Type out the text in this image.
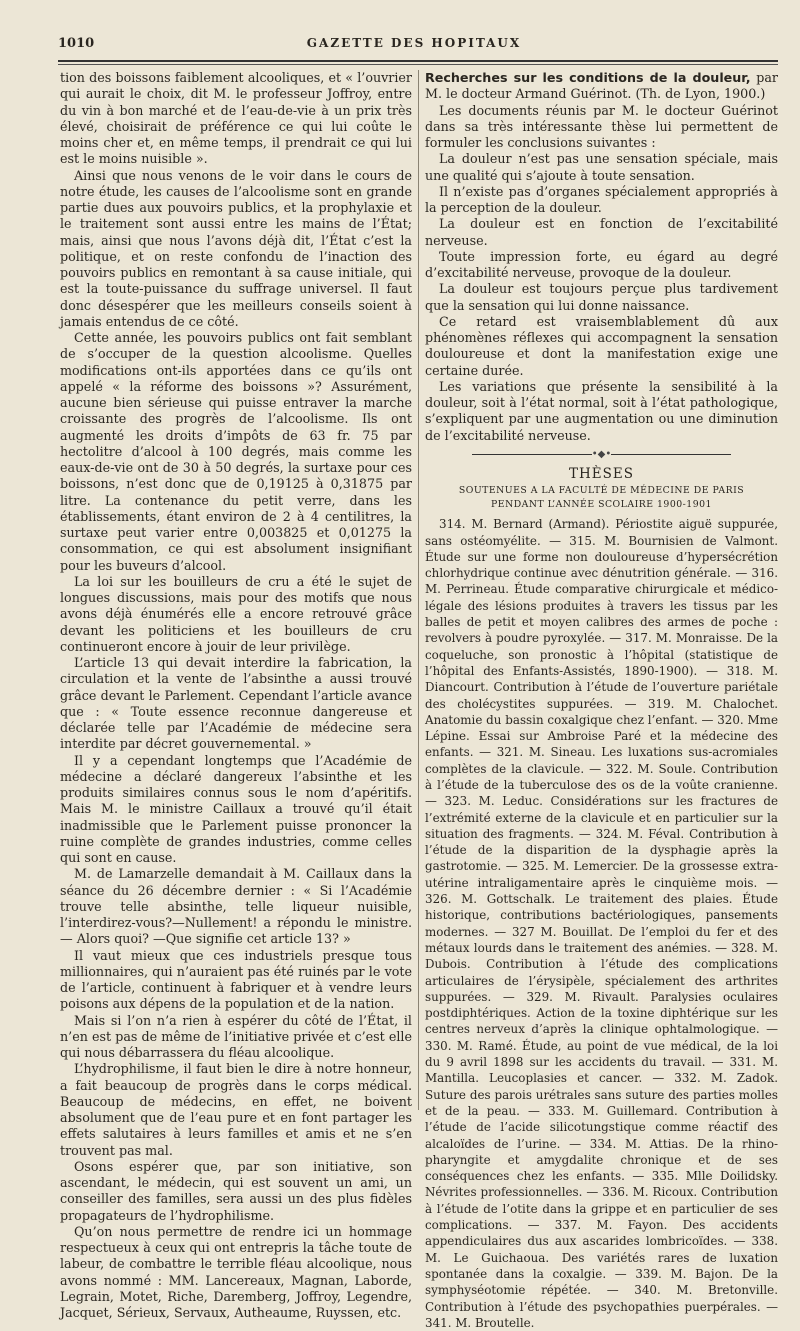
1010	GAZETTE DES HOPITAUX

tion des boissons faiblement alcooliques, et « l’ouvrier qui aurait le choix, dit M. le professeur Joffroy, entre du vin à bon marché et de l’eau-de-vie à un prix très élevé, choisirait de préférence ce qui lui coûte le moins cher et, en même temps, il prendrait ce qui lui est le moins nuisible ».

Ainsi que nous venons de le voir dans le cours de notre étude, les causes de l’alcoolisme sont en grande partie dues aux pouvoirs publics, et la prophylaxie et le traitement sont aussi entre les mains de l’État; mais, ainsi que nous l’avons déjà dit, l’État c’est la politique, et on reste confondu de l’inaction des pouvoirs publics en remontant à sa cause initiale, qui est la toute-puissance du suffrage universel. Il faut donc désespérer que les meilleurs conseils soient à jamais entendus de ce côté.

Cette année, les pouvoirs publics ont fait semblant de s’occuper de la question alcoolisme. Quelles modifications ont-ils apportées dans ce qu’ils ont appelé « la réforme des boissons »? Assurément, aucune bien sérieuse qui puisse entraver la marche croissante des progrès de l’alcoolisme. Ils ont augmenté les droits d’impôts de 63 fr. 75 par hectolitre d’alcool à 100 degrés, mais comme les eaux-de-vie ont de 30 à 50 degrés, la surtaxe pour ces boissons, n’est donc que de 0,19125 à 0,31875 par litre. La contenance du petit verre, dans les établissements, étant environ de 2 à 4 centilitres, la surtaxe peut varier entre 0,003825 et 0,01275 la consommation, ce qui est absolument insignifiant pour les buveurs d’alcool.

La loi sur les bouilleurs de cru a été le sujet de longues discussions, mais pour des motifs que nous avons déjà énumérés elle a encore retrouvé grâce devant les politiciens et les bouilleurs de cru continueront encore à jouir de leur privilège.

L’article 13 qui devait interdire la fabrication, la circulation et la vente de l’absinthe a aussi trouvé grâce devant le Parlement. Cependant l’article avance que : « Toute essence reconnue dangereuse et déclarée telle par l’Académie de médecine sera interdite par décret gouvernemental. »

Il y a cependant longtemps que l’Académie de médecine a déclaré dangereux l’absinthe et les produits similaires connus sous le nom d’apéritifs. Mais M. le ministre Caillaux a trouvé qu’il était inadmissible que le Parlement puisse prononcer la ruine complète de grandes industries, comme celles qui sont en cause.

M. de Lamarzelle demandait à M. Caillaux dans la séance du 26 décembre dernier : « Si l’Académie trouve telle absinthe, telle liqueur nuisible, l’interdirez-vous?—Nullement! a répondu le ministre. — Alors quoi? —Que signifie cet article 13? »

Il vaut mieux que ces industriels presque tous millionnaires, qui n’auraient pas été ruinés par le vote de l’article, continuent à fabriquer et à vendre leurs poisons aux dépens de la population et de la nation.

Mais si l’on n’a rien à espérer du côté de l’État, il n’en est pas de même de l’initiative privée et c’est elle qui nous débarrassera du fléau alcoolique.

L’hydrophilisme, il faut bien le dire à notre honneur, a fait beaucoup de progrès dans le corps médical. Beaucoup de médecins, en effet, ne boivent absolument que de l’eau pure et en font partager les effets salutaires à leurs familles et amis et ne s’en trouvent pas mal.

Osons espérer que, par son initiative, son ascendant, le médecin, qui est souvent un ami, un conseiller des familles, sera aussi un des plus fidèles propagateurs de l’hydrophilisme.

Qu’on nous permettre de rendre ici un hommage respectueux à ceux qui ont entrepris la tâche toute de labeur, de combattre le terrible fléau alcoolique, nous avons nommé : MM. Lancereaux, Magnan, Laborde, Legrain, Motet, Riche, Daremberg, Joffroy, Legendre, Jacquet, Sérieux, Servaux, Autheaume, Ruyssen, etc.

Recherches sur les conditions de la douleur, par M. le docteur Armand Guérinot. (Th. de Lyon, 1900.)

Les documents réunis par M. le docteur Guérinot dans sa très intéressante thèse lui permettent de formuler les conclusions suivantes :

La douleur n’est pas une sensation spéciale, mais une qualité qui s’ajoute à toute sensation.

Il n’existe pas d’organes spécialement appropriés à la perception de la douleur.

La douleur est en fonction de l’excitabilité nerveuse.

Toute impression forte, eu égard au degré d’excitabilité nerveuse, provoque de la douleur.

La douleur est toujours perçue plus tardivement que la sensation qui lui donne naissance.

Ce retard est vraisemblablement dû aux phénomènes réflexes qui accompagnent la sensation douloureuse et dont la manifestation exige une certaine durée.

Les variations que présente la sensibilité à la douleur, soit à l’état normal, soit à l’état pathologique, s’expliquent par une augmentation ou une diminution de l’excitabilité nerveuse.

•◆•
THÈSES
SOUTENUES A LA FACULTÉ DE MÉDECINE DE PARIS
PENDANT L’ANNÉE SCOLAIRE 1900-1901

314. M. Bernard (Armand). Périostite aiguë suppurée, sans ostéomyélite. — 315. M. Bournisien de Valmont. Étude sur une forme non douloureuse d’hypersécrétion chlorhydrique continue avec dénutrition générale. — 316. M. Perrineau. Étude comparative chirurgicale et médico-légale des lésions produites à travers les tissus par les balles de petit et moyen calibres des armes de poche : revolvers à poudre pyroxylée. — 317. M. Monraisse. De la coqueluche, son pronostic à l’hôpital (statistique de l’hôpital des Enfants-Assistés, 1890-1900). — 318. M. Diancourt. Contribution à l’étude de l’ouverture pariétale des cholécystites suppurées. — 319. M. Chalochet. Anatomie du bassin coxalgique chez l’enfant. — 320. Mme Lépine. Essai sur Ambroise Paré et la médecine des enfants. — 321. M. Sineau. Les luxations sus-acromiales complètes de la clavicule. — 322. M. Soule. Contribution à l’étude de la tuberculose des os de la voûte cranienne. — 323. M. Leduc. Considérations sur les fractures de l’extrémité externe de la clavicule et en particulier sur la situation des fragments. — 324. M. Féval. Contribution à l’étude de la disparition de la dysphagie après la gastrotomie. — 325. M. Lemercier. De la grossesse extra-utérine intraligamentaire après le cinquième mois. — 326. M. Gottschalk. Le traitement des plaies. Étude historique, contributions bactériologiques, pansements modernes. — 327 M. Bouillat. De l’emploi du fer et des métaux lourds dans le traitement des anémies. — 328. M. Dubois. Contribution à l’étude des complications articulaires de l’érysipèle, spécialement des arthrites suppurées. — 329. M. Rivault. Paralysies oculaires postdiphtériques. Action de la toxine diphtérique sur les centres nerveux d’après la clinique ophtalmologique. — 330. M. Ramé. Étude, au point de vue médical, de la loi du 9 avril 1898 sur les accidents du travail. — 331. M. Mantilla. Leucoplasies et cancer. — 332. M. Zadok. Suture des parois urétrales sans suture des parties molles et de la peau. — 333. M. Guillemard. Contribution à l’étude de l’acide silicotungstique comme réactif des alcaloïdes de l’urine. — 334. M. Attias. De la rhino-pharyngite et amygdalite chronique et de ses conséquences chez les enfants. — 335. Mlle Doilidsky. Névrites professionnelles. — 336. M. Ricoux. Contribution à l’étude de l’otite dans la grippe et en particulier de ses complications. — 337. M. Fayon. Des accidents appendiculaires dus aux ascarides lombricoïdes. — 338. M. Le Guichaoua. Des variétés rares de luxation spontanée dans la coxalgie. — 339. M. Bajon. De la symphyséotomie répétée. — 340. M. Bretonville. Contribution à l’étude des psychopathies puerpérales. — 341. M. Broutelle.
